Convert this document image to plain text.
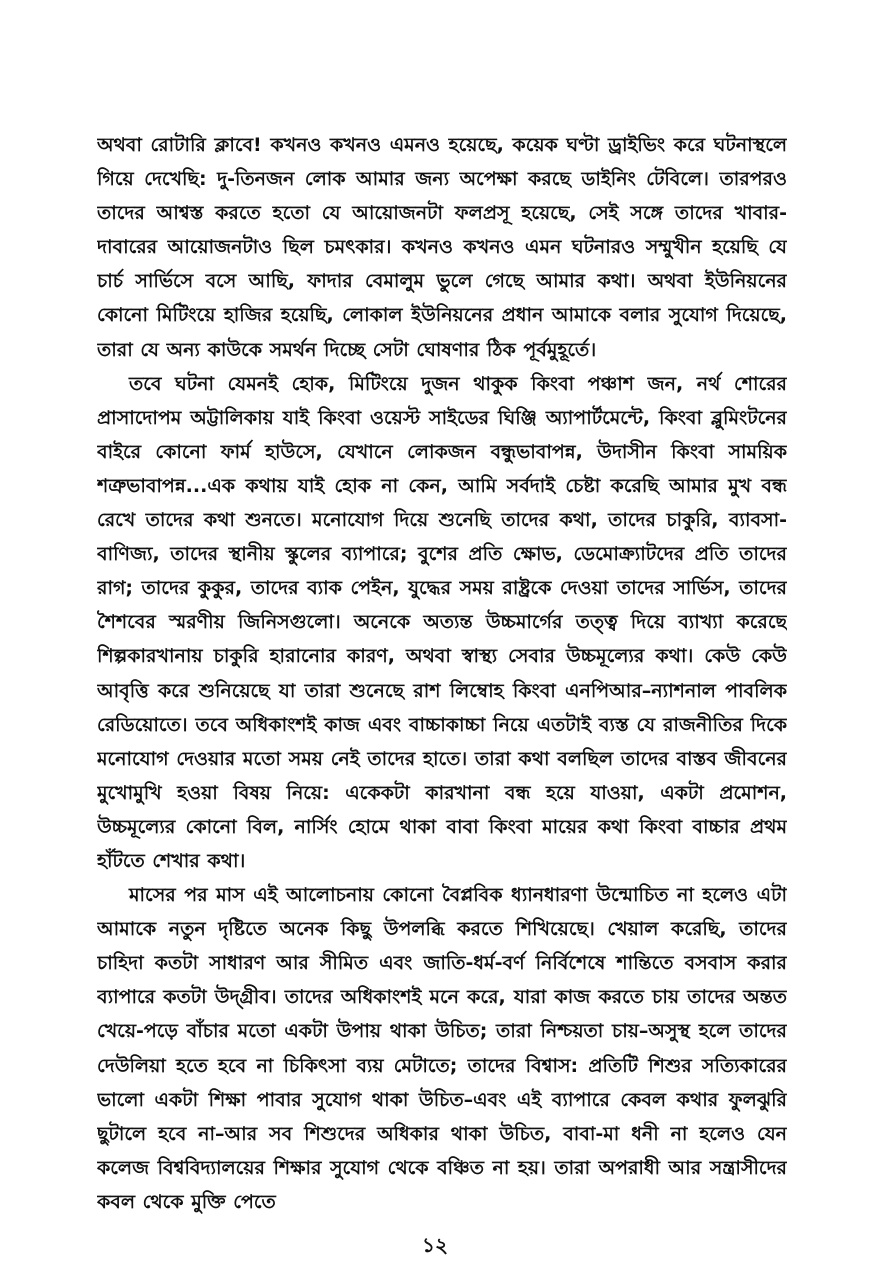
অথবা রোটারি ক্লাবে! কখনও কখনও এমনও হয়েছে, কয়েক ঘণ্টা ড্রাইভিং করে ঘটনাস্থলে গিয়ে দেখেছি: দু-তিনজন লোক আমার জন্য অপেক্ষা করছে ডাইনিং টেবিলে। তারপরও তাদের আশ্বস্ত করতে হতো যে আয়োজনটা ফলপ্রসূ হয়েছে, সেই সঙ্গে তাদের খাবার-দাবারের আয়োজনটাও ছিল চমৎকার। কখনও কখনও এমন ঘটনারও সম্মুখীন হয়েছি যে চার্চ সার্ভিসে বসে আছি, ফাদার বেমালুম ভুলে গেছে আমার কথা। অথবা ইউনিয়নের কোনো মিটিংয়ে হাজির হয়েছি, লোকাল ইউনিয়নের প্রধান আমাকে বলার সুযোগ দিয়েছে, তারা যে অন্য কাউকে সমর্থন দিচ্ছে সেটা ঘোষণার ঠিক পূর্বমুহূর্তে।

তবে ঘটনা যেমনই হোক, মিটিংয়ে দুজন থাকুক কিংবা পঞ্চাশ জন, নর্থ শোরের প্রাসাদোপম অট্টালিকায় যাই কিংবা ওয়েস্ট সাইডের ঘিঞ্জি অ্যাপার্টমেন্টে, কিংবা ব্লুমিংটনের বাইরে কোনো ফার্ম হাউসে, যেখানে লোকজন বন্ধুভাবাপন্ন, উদাসীন কিংবা সাময়িক শত্রুভাবাপন্ন...এক কথায় যাই হোক না কেন, আমি সর্বদাই চেষ্টা করেছি আমার মুখ বন্ধ রেখে তাদের কথা শুনতে। মনোযোগ দিয়ে শুনেছি তাদের কথা, তাদের চাকুরি, ব্যাবসা-বাণিজ্য, তাদের স্থানীয় স্কুলের ব্যাপারে; বুশের প্রতি ক্ষোভ, ডেমোক্র্যাটদের প্রতি তাদের রাগ; তাদের কুকুর, তাদের ব্যাক পেইন, যুদ্ধের সময় রাষ্ট্রকে দেওয়া তাদের সার্ভিস, তাদের শৈশবের স্মরণীয় জিনিসগুলো। অনেকে অত্যন্ত উচ্চমার্গের তত্ত্ব দিয়ে ব্যাখ্যা করেছে শিল্পকারখানায় চাকুরি হারানোর কারণ, অথবা স্বাস্থ্য সেবার উচ্চমূল্যের কথা। কেউ কেউ আবৃত্তি করে শুনিয়েছে যা তারা শুনেছে রাশ লিম্বোহ কিংবা এনপিআর–ন্যাশনাল পাবলিক রেডিয়োতে। তবে অধিকাংশই কাজ এবং বাচ্চাকাচ্চা নিয়ে এতটাই ব্যস্ত যে রাজনীতির দিকে মনোযোগ দেওয়ার মতো সময় নেই তাদের হাতে। তারা কথা বলছিল তাদের বাস্তব জীবনের মুখোমুখি হওয়া বিষয় নিয়ে: একেকটা কারখানা বন্ধ হয়ে যাওয়া, একটা প্রমোশন, উচ্চমূল্যের কোনো বিল, নার্সিং হোমে থাকা বাবা কিংবা মায়ের কথা কিংবা বাচ্চার প্রথম হাঁটতে শেখার কথা।

মাসের পর মাস এই আলোচনায় কোনো বৈপ্লবিক ধ্যানধারণা উন্মোচিত না হলেও এটা আমাকে নতুন দৃষ্টিতে অনেক কিছু উপলব্ধি করতে শিখিয়েছে। খেয়াল করেছি, তাদের চাহিদা কতটা সাধারণ আর সীমিত এবং জাতি-ধর্ম-বর্ণ নির্বিশেষে শান্তিতে বসবাস করার ব্যাপারে কতটা উদ্গ্রীব। তাদের অধিকাংশই মনে করে, যারা কাজ করতে চায় তাদের অন্তত খেয়ে-পড়ে বাঁচার মতো একটা উপায় থাকা উচিত; তারা নিশ্চয়তা চায়–অসুস্থ হলে তাদের দেউলিয়া হতে হবে না চিকিৎসা ব্যয় মেটাতে; তাদের বিশ্বাস: প্রতিটি শিশুর সত্যিকারের ভালো একটা শিক্ষা পাবার সুযোগ থাকা উচিত–এবং এই ব্যাপারে কেবল কথার ফুলঝুরি ছুটালে হবে না–আর সব শিশুদের অধিকার থাকা উচিত, বাবা-মা ধনী না হলেও যেন কলেজ বিশ্ববিদ্যালয়ের শিক্ষার সুযোগ থেকে বঞ্চিত না হয়। তারা অপরাধী আর সন্ত্রাসীদের কবল থেকে মুক্তি পেতে

১২
